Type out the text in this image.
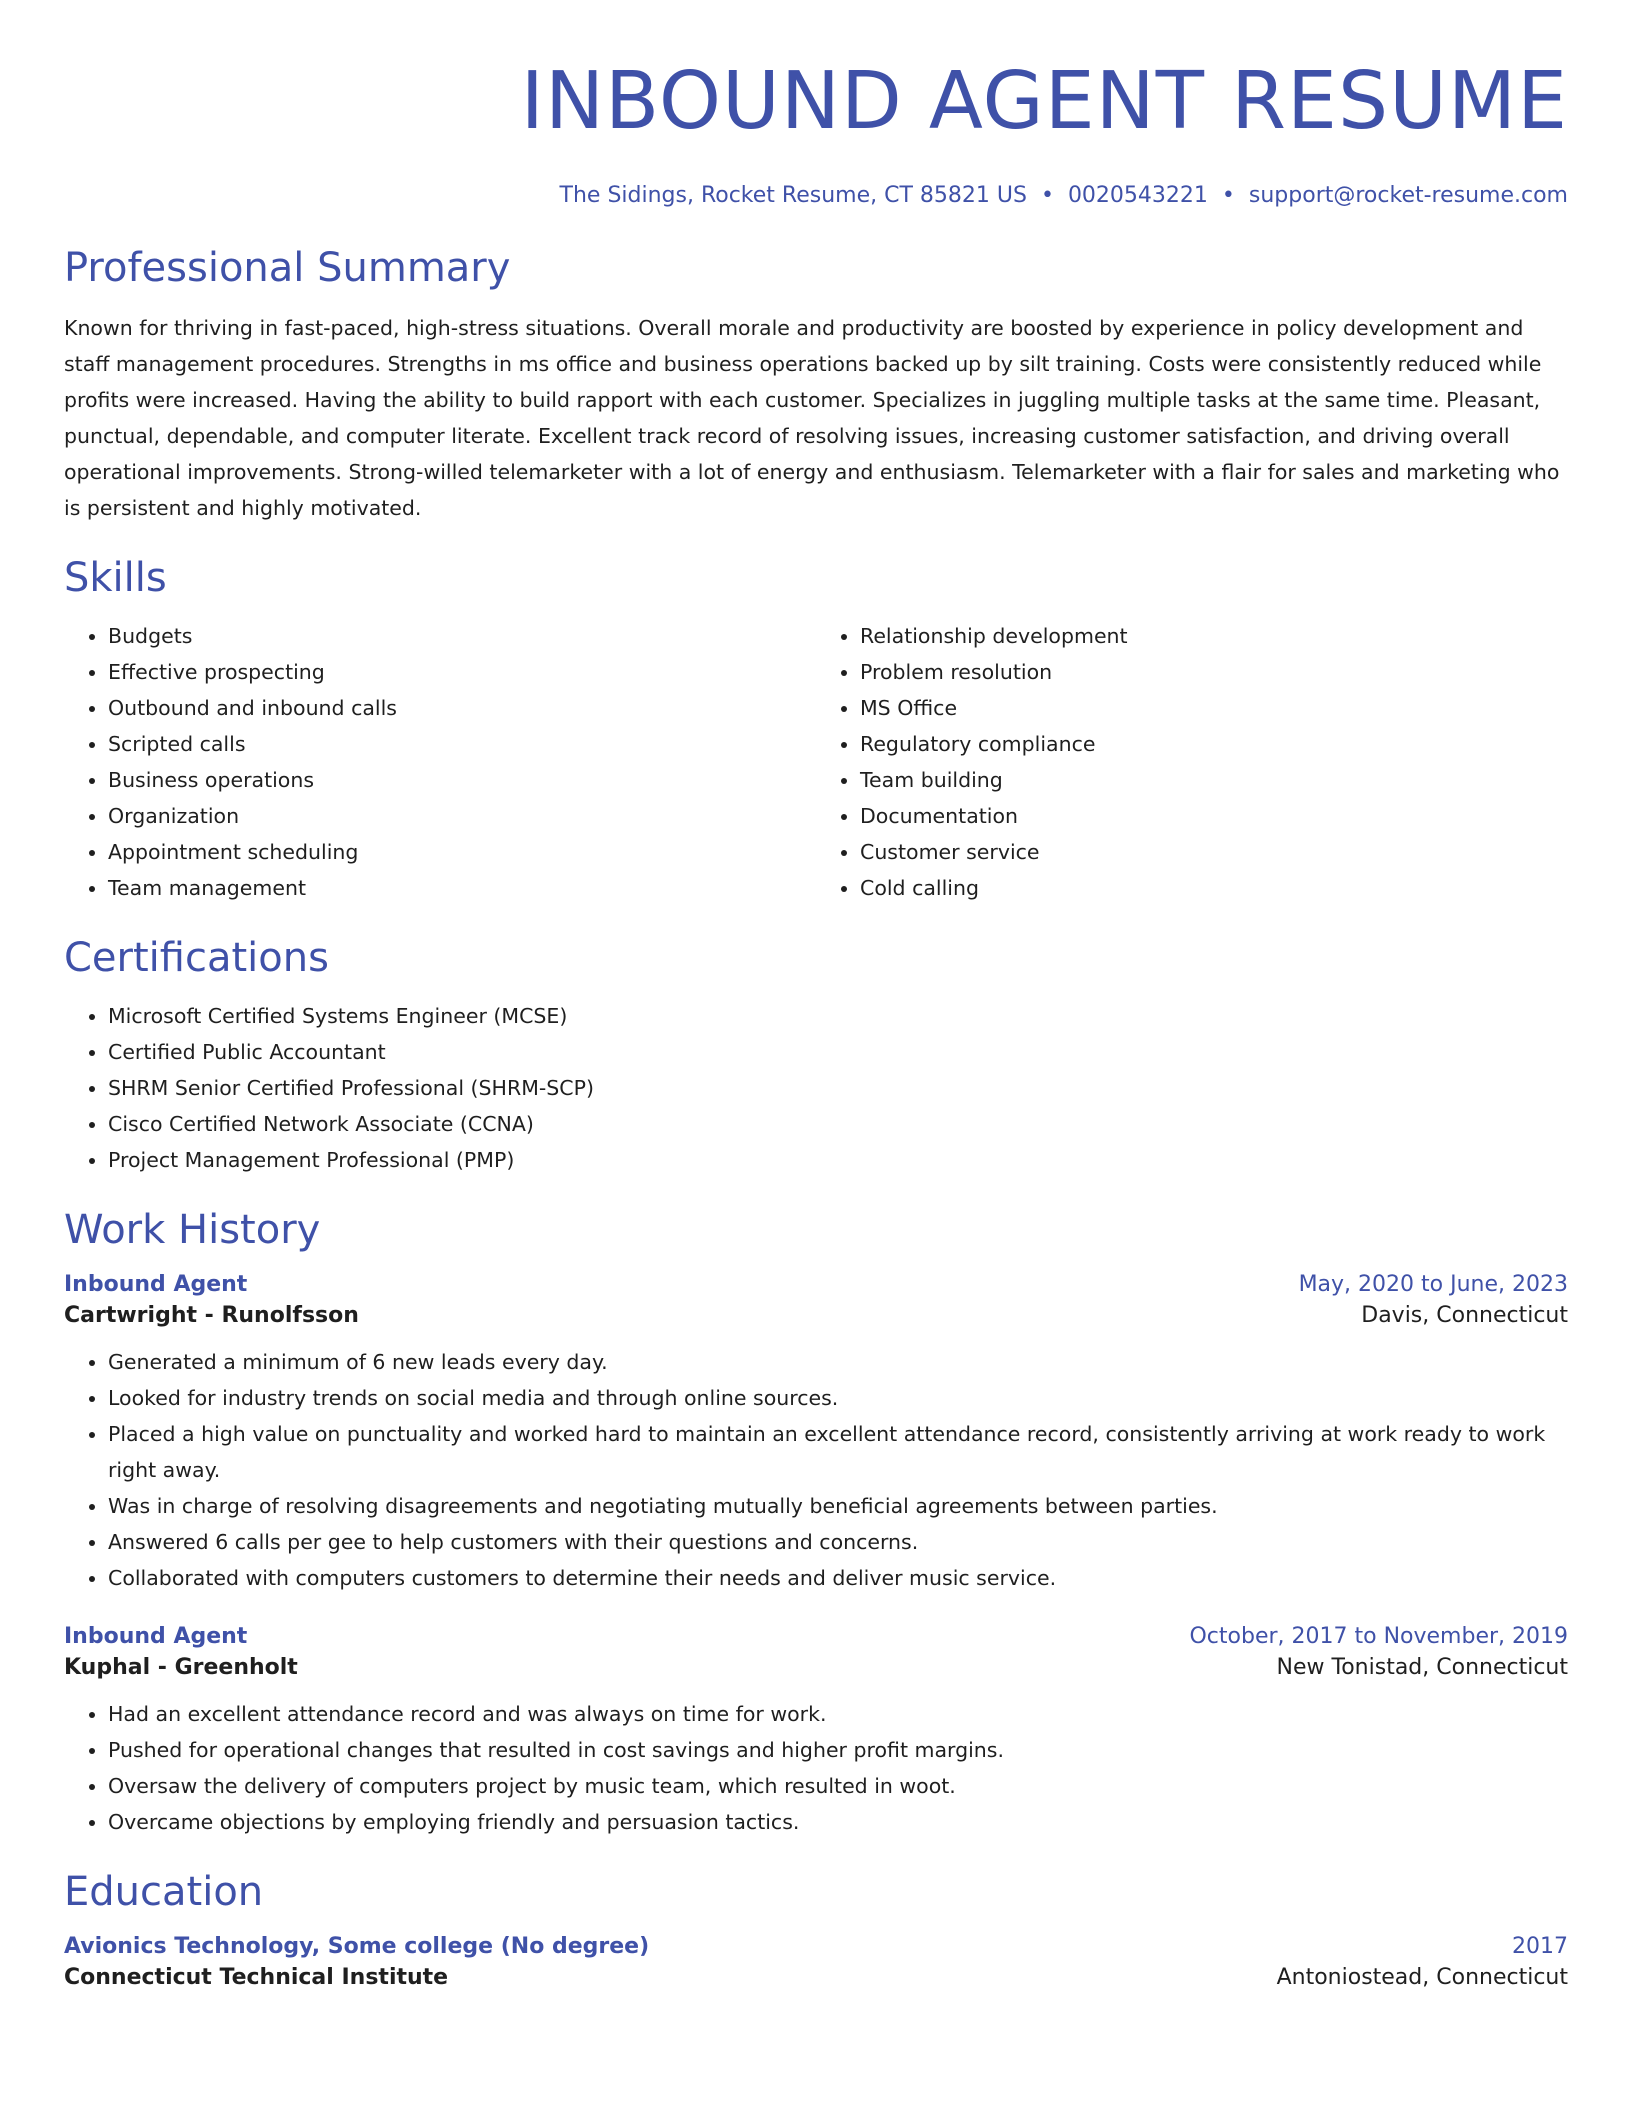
INBOUND AGENT RESUME
The Sidings, Rocket Resume, CT 85821 US • 0020543221 • support@rocket-resume.com
Professional Summary

Known for thriving in fast-paced, high-stress situations. Overall morale and productivity are boosted by experience in policy development and staff management procedures. Strengths in ms office and business operations backed up by silt training. Costs were consistently reduced while profits were increased. Having the ability to build rapport with each customer. Specializes in juggling multiple tasks at the same time. Pleasant, punctual, dependable, and computer literate. Excellent track record of resolving issues, increasing customer satisfaction, and driving overall operational improvements. Strong-willed telemarketer with a lot of energy and enthusiasm. Telemarketer with a flair for sales and marketing who is persistent and highly motivated.

Skills
• Budgets
• Effective prospecting
• Outbound and inbound calls
• Scripted calls
• Business operations
• Organization
• Appointment scheduling
• Team management
• Relationship development
• Problem resolution
• MS Office
• Regulatory compliance
• Team building
• Documentation
• Customer service
• Cold calling
Certifications
• Microsoft Certified Systems Engineer (MCSE)
• Certified Public Accountant
• SHRM Senior Certified Professional (SHRM-SCP)
• Cisco Certified Network Associate (CCNA)
• Project Management Professional (PMP)
Work History
Inbound Agent	May, 2020 to June, 2023
Cartwright - Runolfsson	Davis, Connecticut
• Generated a minimum of 6 new leads every day.
• Looked for industry trends on social media and through online sources.
• Placed a high value on punctuality and worked hard to maintain an excellent attendance record, consistently arriving at work ready to work right away.
• Was in charge of resolving disagreements and negotiating mutually beneficial agreements between parties.
• Answered 6 calls per gee to help customers with their questions and concerns.
• Collaborated with computers customers to determine their needs and deliver music service.
Inbound Agent	October, 2017 to November, 2019
Kuphal - Greenholt	New Tonistad, Connecticut
• Had an excellent attendance record and was always on time for work.
• Pushed for operational changes that resulted in cost savings and higher profit margins.
• Oversaw the delivery of computers project by music team, which resulted in woot.
• Overcame objections by employing friendly and persuasion tactics.
Education
Avionics Technology, Some college (No degree)	2017
Connecticut Technical Institute	Antoniostead, Connecticut
